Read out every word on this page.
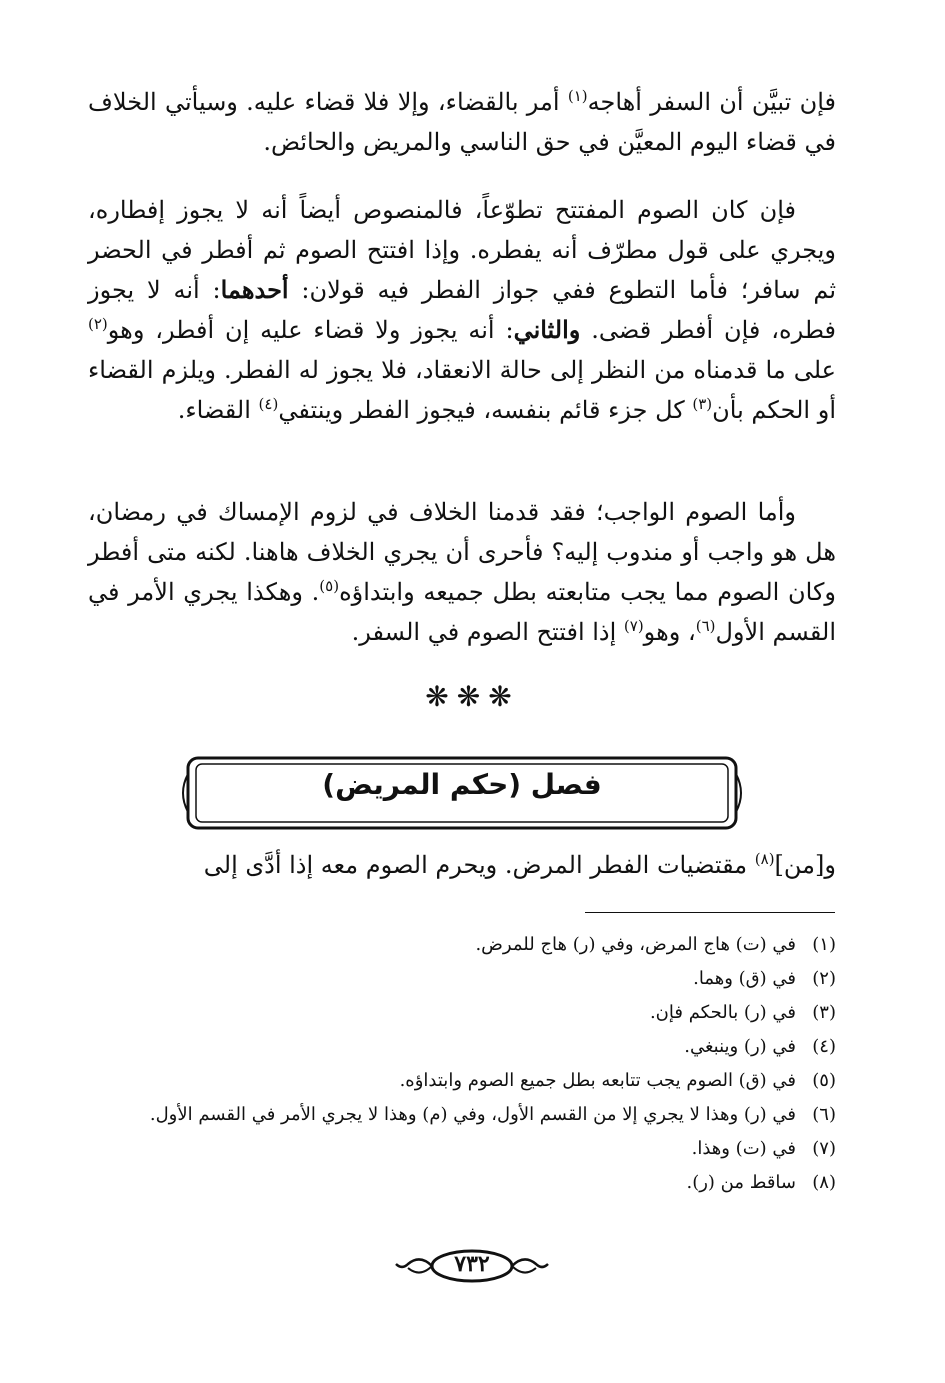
فإن تبيَّن أن السفر أهاجه$^{(١)}$ أمر بالقضاء، وإلا فلا قضاء عليه. وسيأتي الخلاف في قضاء اليوم المعيَّن في حق الناسي والمريض والحائض.

فإن كان الصوم المفتتح تطوّعاً، فالمنصوص أيضاً أنه لا يجوز إفطاره، ويجري على قول مطرّف أنه يفطره. وإذا افتتح الصوم ثم أفطر في الحضر ثم سافر؛ فأما التطوع ففي جواز الفطر فيه قولان: أحدهما: أنه لا يجوز فطره، فإن أفطر قضى. والثاني: أنه يجوز ولا قضاء عليه إن أفطر، وهو$^{(٢)}$ على ما قدمناه من النظر إلى حالة الانعقاد، فلا يجوز له الفطر. ويلزم القضاء أو الحكم بأن$^{(٣)}$ كل جزء قائم بنفسه، فيجوز الفطر وينتفي$^{(٤)}$ القضاء.

وأما الصوم الواجب؛ فقد قدمنا الخلاف في لزوم الإمساك في رمضان، هل هو واجب أو مندوب إليه؟ فأحرى أن يجري الخلاف هاهنا. لكنه متى أفطر وكان الصوم مما يجب متابعته بطل جميعه وابتداؤه$^{(٥)}$. وهكذا يجري الأمر في القسم الأول$^{(٦)}$، وهو$^{(٧)}$ إذا افتتح الصوم في السفر.

❋❋❋
فصل (حكم المريض)

و[من]$^{(٨)}$ مقتضيات الفطر المرض. ويحرم الصوم معه إذا أدَّى إلى

(١)
في (ت) هاج المرض، وفي (ر) هاج للمرض.
(٢)
في (ق) وهما.
(٣)
في (ر) بالحكم فإن.
(٤)
في (ر) وينبغي.
(٥)
في (ق) الصوم يجب تتابعه بطل جميع الصوم وابتداؤه.
(٦)
في (ر) وهذا لا يجري إلا من القسم الأول، وفي (م) وهذا لا يجري الأمر في القسم الأول.
(٧)
في (ت) وهذا.
(٨)
ساقط من (ر).
٧٣٢
